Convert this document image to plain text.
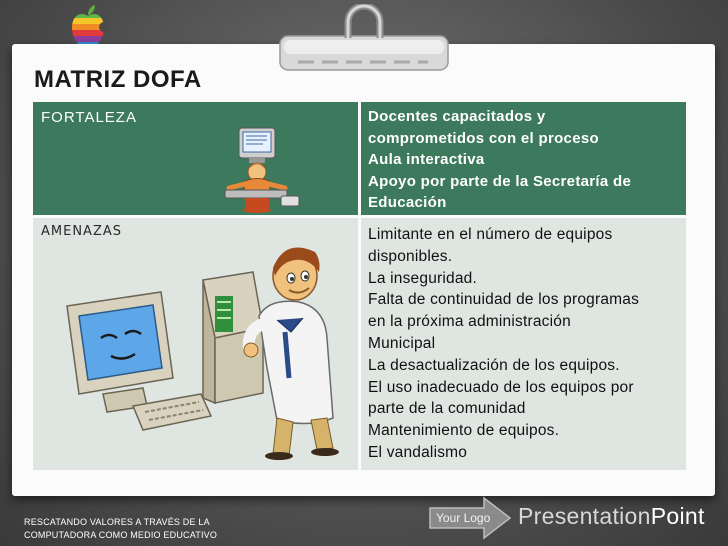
MATRIZ DOFA
FORTALEZA	Docentes capacitados y
comprometidos con el proceso
Aula interactiva
Apoyo por parte de la Secretaría de
Educación
AMENAZAS	Limitante en el número de equipos
disponibles.
La inseguridad.
Falta de continuidad de los programas
en la próxima administración
Municipal
La desactualización de los equipos.
El uso inadecuado de los equipos por
parte de la comunidad
Mantenimiento de equipos.
El vandalismo
RESCATANDO VALORES A TRAVÉS DE LA
COMPUTADORA COMO MEDIO EDUCATIVO
Your Logo PresentationPoint
